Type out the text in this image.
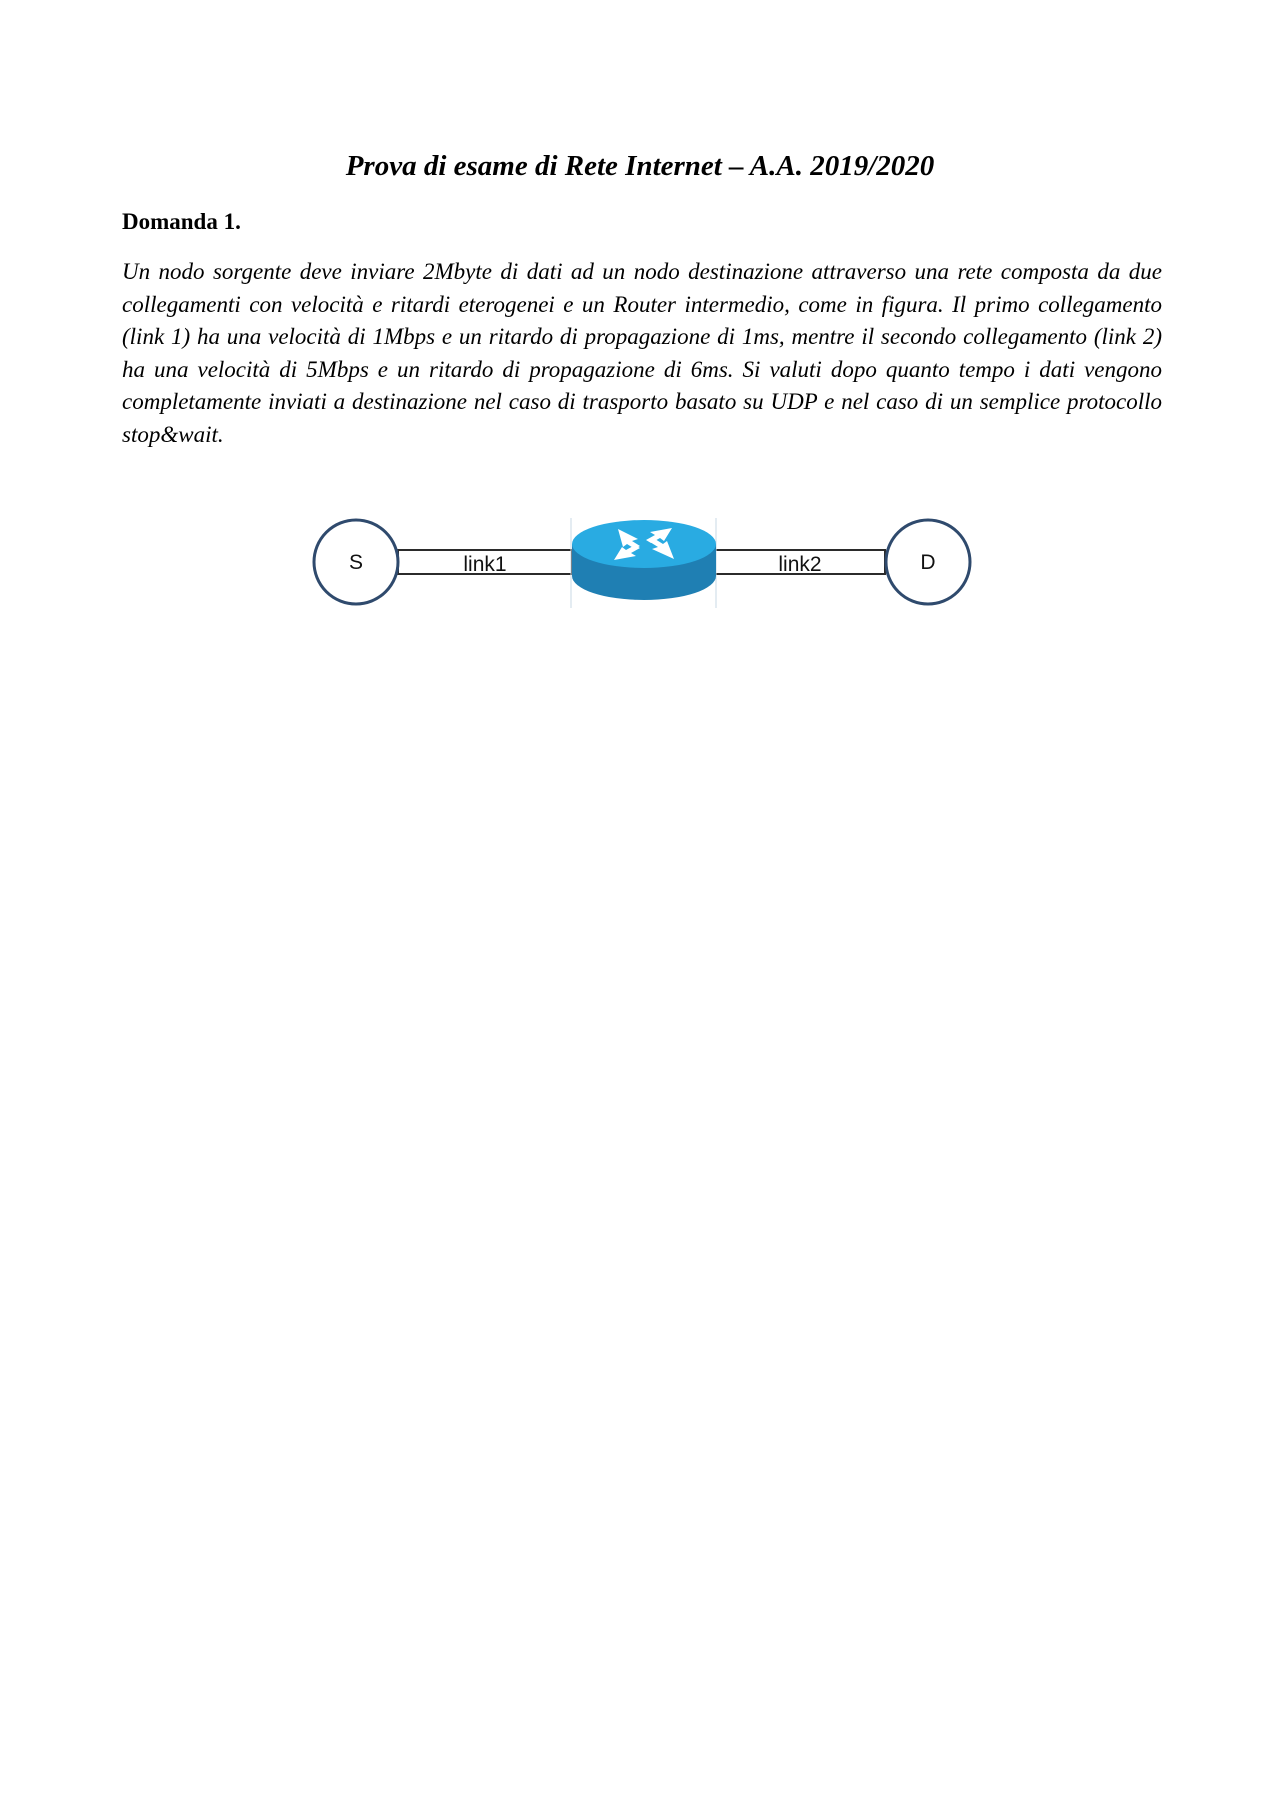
Prova di esame di Rete Internet – A.A. 2019/2020
Domanda 1.

Un nodo sorgente deve inviare 2Mbyte di dati ad un nodo destinazione attraverso una rete composta da due collegamenti con velocità e ritardi eterogenei e un Router intermedio, come in figura. Il primo collegamento (link 1) ha una velocità di 1Mbps e un ritardo di propagazione di 1ms, mentre il secondo collegamento (link 2) ha una velocità di 5Mbps e un ritardo di propagazione di 6ms. Si valuti dopo quanto tempo i dati vengono completamente inviati a destinazione nel caso di trasporto basato su UDP e nel caso di un semplice protocollo stop&wait.

link1	link2
S	D
